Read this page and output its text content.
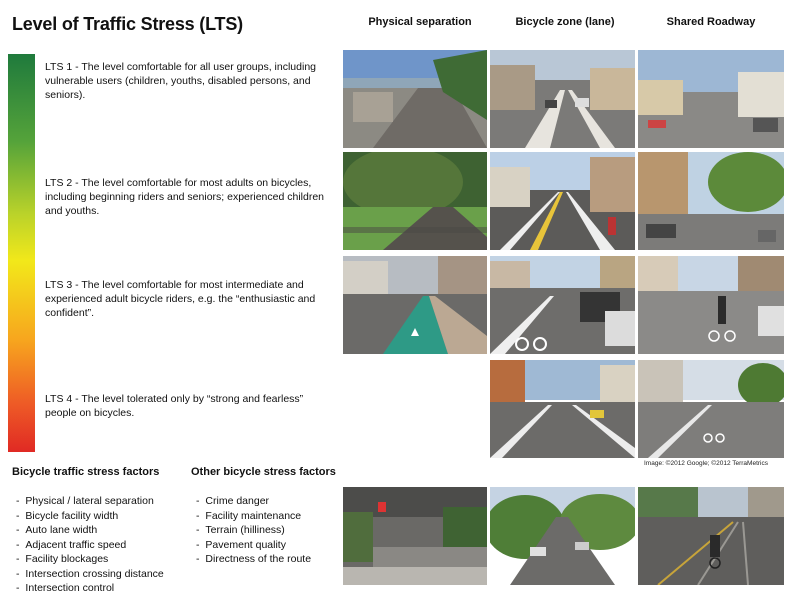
Level of Traffic Stress (LTS)	Physical separation	Bicycle zone (lane)	Shared Roadway
LTS 1 - The level comfortable for all user groups, including vulnerable users (children, youths, disabled persons, and seniors).
LTS 2 - The level comfortable for most adults on bicycles, including beginning riders and seniors; experienced children and youths.
LTS 3 - The level comfortable for most intermediate and experienced adult bicycle riders, e.g. the “enthusiastic and confident”.
LTS 4 - The level tolerated only by “strong and fearless” people on bicycles.
Image: ©2012 Google; ©2012 TerraMetrics
Bicycle traffic stress factors
- Physical / lateral separation
- Bicycle facility width
- Auto lane width
- Adjacent traffic speed
- Facility blockages
- Intersection crossing distance
- Intersection control
Other bicycle stress factors
- Crime danger
- Facility maintenance
- Terrain (hilliness)
- Pavement quality
- Directness of the route
